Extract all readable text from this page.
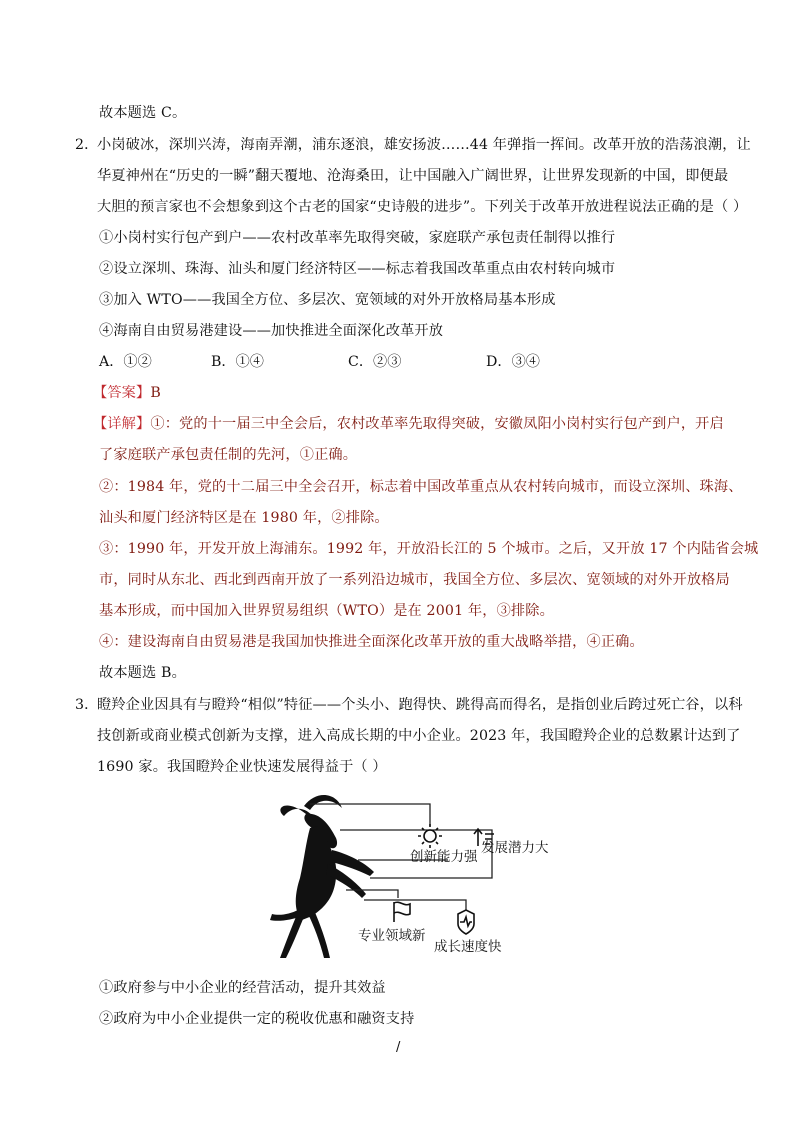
故本题选 C。
2．
小岗破冰，深圳兴涛，海南弄潮，浦东逐浪，雄安扬波……44 年弹指一挥间。改革开放的浩荡浪潮，让
华夏神州在“历史的一瞬”翻天覆地、沧海桑田，让中国融入广阔世界，让世界发现新的中国，即便最
大胆的预言家也不会想象到这个古老的国家“史诗般的进步”。下列关于改革开放进程说法正确的是（ ）
①小岗村实行包产到户——农村改革率先取得突破，家庭联产承包责任制得以推行
②设立深圳、珠海、汕头和厦门经济特区——标志着我国改革重点由农村转向城市
③加入 WTO——我国全方位、多层次、宽领域的对外开放格局基本形成
④海南自由贸易港建设——加快推进全面深化改革开放
A．①②	B．①④	C．②③	D．③④
【答案】B
【详解】①：党的十一届三中全会后，农村改革率先取得突破，安徽凤阳小岗村实行包产到户，开启
了家庭联产承包责任制的先河，①正确。
②：1984 年，党的十二届三中全会召开，标志着中国改革重点从农村转向城市，而设立深圳、珠海、
汕头和厦门经济特区是在 1980 年，②排除。
③：1990 年，开发开放上海浦东。1992 年，开放沿长江的 5 个城市。之后，又开放 17 个内陆省会城
市，同时从东北、西北到西南开放了一系列沿边城市，我国全方位、多层次、宽领域的对外开放格局
基本形成，而中国加入世界贸易组织（WTO）是在 2001 年，③排除。
④：建设海南自由贸易港是我国加快推进全面深化改革开放的重大战略举措，④正确。
故本题选 B。
3．
瞪羚企业因具有与瞪羚“相似”特征——个头小、跑得快、跳得高而得名，是指创业后跨过死亡谷，以科
技创新或商业模式创新为支撑，进入高成长期的中小企业。2023 年，我国瞪羚企业的总数累计达到了
1690 家。我国瞪羚企业快速发展得益于（ ）
创新能力强
发展潜力大
专业领域新
成长速度快
①政府参与中小企业的经营活动，提升其效益
②政府为中小企业提供一定的税收优惠和融资支持
/
